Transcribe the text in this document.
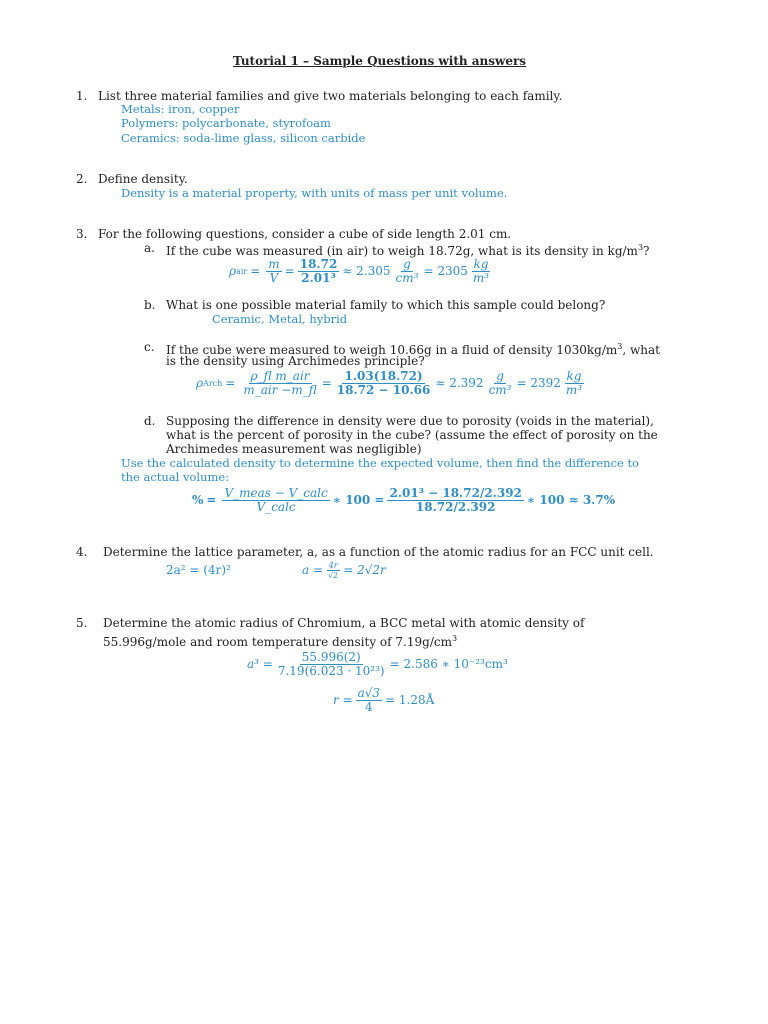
Tutorial 1 – Sample Questions with answers
1. List three material families and give two materials belonging to each family.
Metals: iron, copper
Polymers: polycarbonate, styrofoam
Ceramics: soda-lime glass, silicon carbide
2. Define density.
Density is a material property, with units of mass per unit volume.
3. For the following questions, consider a cube of side length 2.01 cm.
a. If the cube was measured (in air) to weigh 18.72g, what is its density in $kg/m^3$?
ρ air = $\frac{m}{V} = \frac{18.72}{\text{2.01³}} \approx 2.305 \frac{g}{\text{cm³}} = 2305 \frac{kg}{\text{m³}}$
b. What is one possible material family to which this sample could belong?
Ceramic, Metal, hybrid
c. If the cube were measured to weigh 10.66g in a fluid of density $1030kg/m^3$, what
is the density using Archimedes principle?
ρ Arch = $\frac{\text{ρ\_fl m\_air}}{\text{m\_air −m\_fl}} = \frac{1.03(18.72)}{18.72 - 10.66} \approx 2.392 \frac{g}{\text{cm³}} = 2392 \frac{kg}{\text{m³}}$
d. Supposing the difference in density were due to porosity (voids in the material),
what is the percent of porosity in the cube? (assume the effect of porosity on the
Archimedes measurement was negligible)
Use the calculated density to determine the expected volume, then find the difference to
the actual volume:
% = $\frac{\text{V\_meas − V\_calc}}{\text{V\_calc}}$ ∗ $100 = \frac{\text{2.01³ − 18.72/2.392}}{18.72/2.392}$ ∗ 100 ≈ 3.7%
4. Determine the lattice parameter, a, as a function of the atomic radius for an FCC unit cell.
2a² = (4r)²	$a = \frac{4r}{√2} = 2√2r$
5. Determine the atomic radius of Chromium, a BCC metal with atomic density of
55.996g/mole and room temperature density of $7.19g/cm^3$
$a^3 = \frac{55.996(2)}{\text{7.19(6.023 · 10²³)}} = 2.586$ ∗ 10⁻²³cm³
$r = \frac{a√3}{4}$ = 1.28Å
